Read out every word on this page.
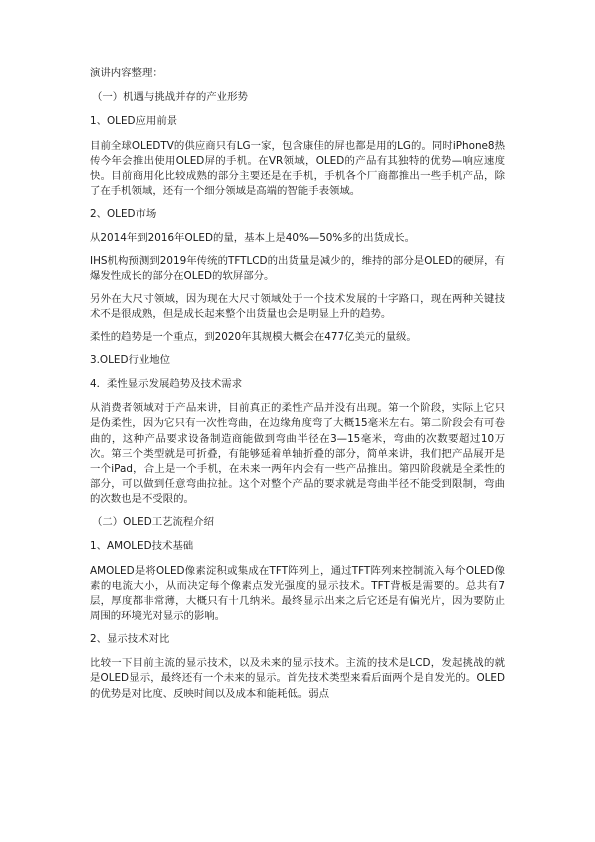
演讲内容整理：

（一）机遇与挑战并存的产业形势

1、OLED应用前景

目前全球OLEDTV的供应商只有LG一家，包含康佳的屏也都是用的LG的。同时iPhone8热传今年会推出使用OLED屏的手机。在VR领域，OLED的产品有其独特的优势—响应速度快。目前商用化比较成熟的部分主要还是在手机，手机各个厂商都推出一些手机产品，除了在手机领域，还有一个细分领域是高端的智能手表领域。

2、OLED市场

从2014年到2016年OLED的量，基本上是40%—50%多的出货成长。

IHS机构预测到2019年传统的TFTLCD的出货量是减少的，维持的部分是OLED的硬屏，有爆发性成长的部分在OLED的软屏部分。

另外在大尺寸领域，因为现在大尺寸领域处于一个技术发展的十字路口，现在两种关键技术不是很成熟，但是成长起来整个出货量也会是明显上升的趋势。

柔性的趋势是一个重点，到2020年其规模大概会在477亿美元的量级。

3.OLED行业地位

4．柔性显示发展趋势及技术需求

从消费者领域对于产品来讲，目前真正的柔性产品并没有出现。第一个阶段，实际上它只是伪柔性，因为它只有一次性弯曲，在边缘角度弯了大概15毫米左右。第二阶段会有可卷曲的，这种产品要求设备制造商能做到弯曲半径在3—15毫米，弯曲的次数要超过10万次。第三个类型就是可折叠，有能够延着单轴折叠的部分，简单来讲，我们把产品展开是一个iPad，合上是一个手机，在未来一两年内会有一些产品推出。第四阶段就是全柔性的部分，可以做到任意弯曲拉扯。这个对整个产品的要求就是弯曲半径不能受到限制，弯曲的次数也是不受限的。

（二）OLED工艺流程介绍

1、AMOLED技术基础

AMOLED是将OLED像素淀积或集成在TFT阵列上，通过TFT阵列来控制流入每个OLED像素的电流大小，从而决定每个像素点发光强度的显示技术。TFT背板是需要的。总共有7层，厚度都非常薄，大概只有十几纳米。最终显示出来之后它还是有偏光片，因为要防止周围的环境光对显示的影响。

2、显示技术对比

比较一下目前主流的显示技术，以及未来的显示技术。主流的技术是LCD，发起挑战的就是OLED显示，最终还有一个未来的显示。首先技术类型来看后面两个是自发光的。OLED的优势是对比度、反映时间以及成本和能耗低。弱点
